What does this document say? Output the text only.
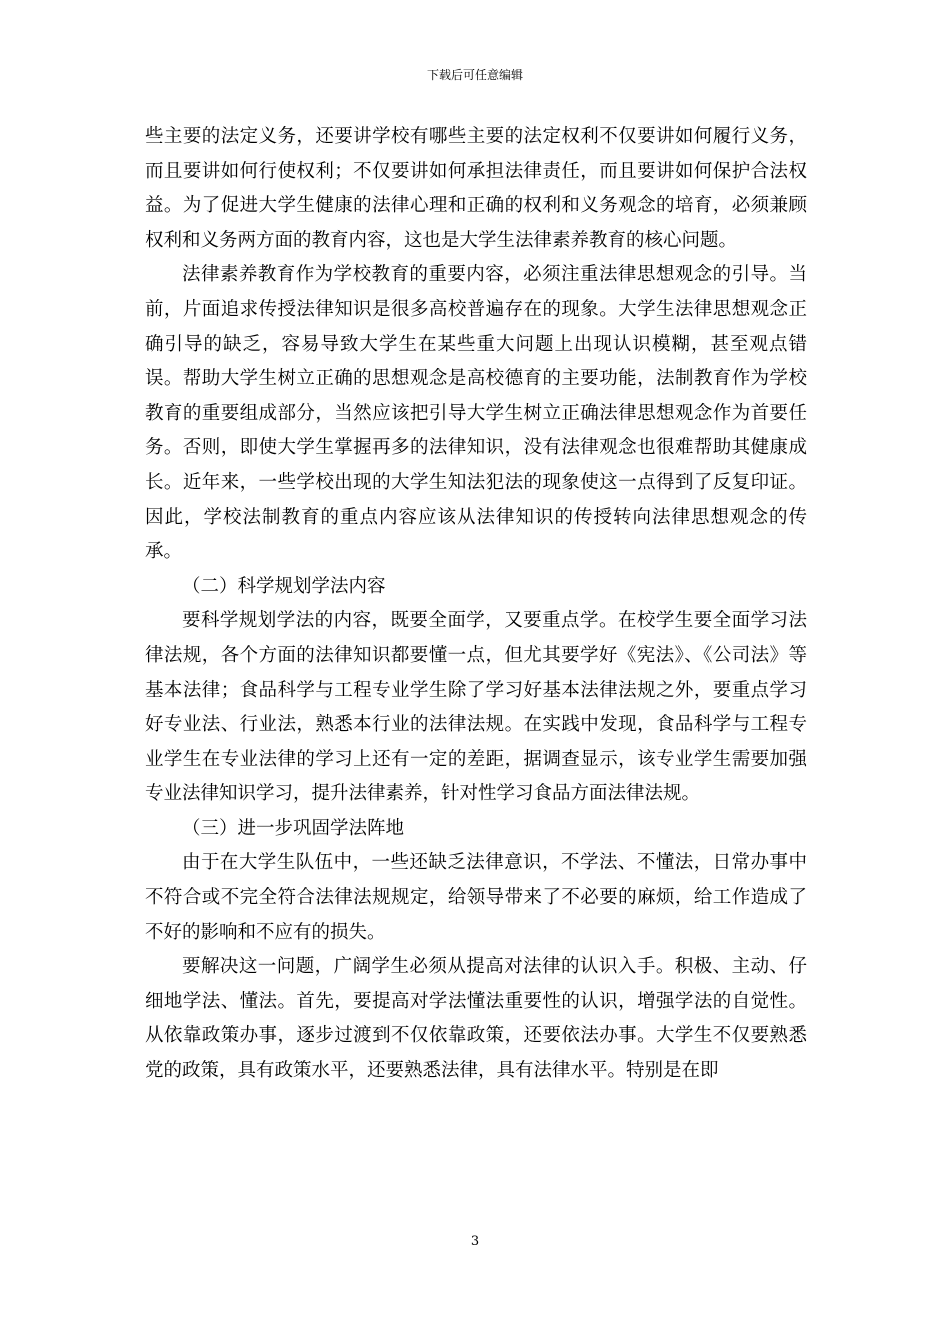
下载后可任意编辑

些主要的法定义务，还要讲学校有哪些主要的法定权利不仅要讲如何履行义务，而且要讲如何行使权利；不仅要讲如何承担法律责任，而且要讲如何保护合法权益。为了促进大学生健康的法律心理和正确的权利和义务观念的培育，必须兼顾权利和义务两方面的教育内容，这也是大学生法律素养教育的核心问题。

法律素养教育作为学校教育的重要内容，必须注重法律思想观念的引导。当前，片面追求传授法律知识是很多高校普遍存在的现象。大学生法律思想观念正确引导的缺乏，容易导致大学生在某些重大问题上出现认识模糊，甚至观点错误。帮助大学生树立正确的思想观念是高校德育的主要功能，法制教育作为学校教育的重要组成部分，当然应该把引导大学生树立正确法律思想观念作为首要任务。否则，即使大学生掌握再多的法律知识，没有法律观念也很难帮助其健康成长。近年来，一些学校出现的大学生知法犯法的现象使这一点得到了反复印证。因此，学校法制教育的重点内容应该从法律知识的传授转向法律思想观念的传承。

（二）科学规划学法内容

要科学规划学法的内容，既要全面学，又要重点学。在校学生要全面学习法律法规，各个方面的法律知识都要懂一点，但尤其要学好《宪法》、《公司法》等基本法律；食品科学与工程专业学生除了学习好基本法律法规之外，要重点学习好专业法、行业法，熟悉本行业的法律法规。在实践中发现，食品科学与工程专业学生在专业法律的学习上还有一定的差距，据调查显示，该专业学生需要加强专业法律知识学习，提升法律素养，针对性学习食品方面法律法规。

（三）进一步巩固学法阵地

由于在大学生队伍中，一些还缺乏法律意识，不学法、不懂法，日常办事中不符合或不完全符合法律法规规定，给领导带来了不必要的麻烦，给工作造成了不好的影响和不应有的损失。

要解决这一问题，广阔学生必须从提高对法律的认识入手。积极、主动、仔细地学法、懂法。首先，要提高对学法懂法重要性的认识，增强学法的自觉性。从依靠政策办事，逐步过渡到不仅依靠政策，还要依法办事。大学生不仅要熟悉党的政策，具有政策水平，还要熟悉法律，具有法律水平。特别是在即

3
